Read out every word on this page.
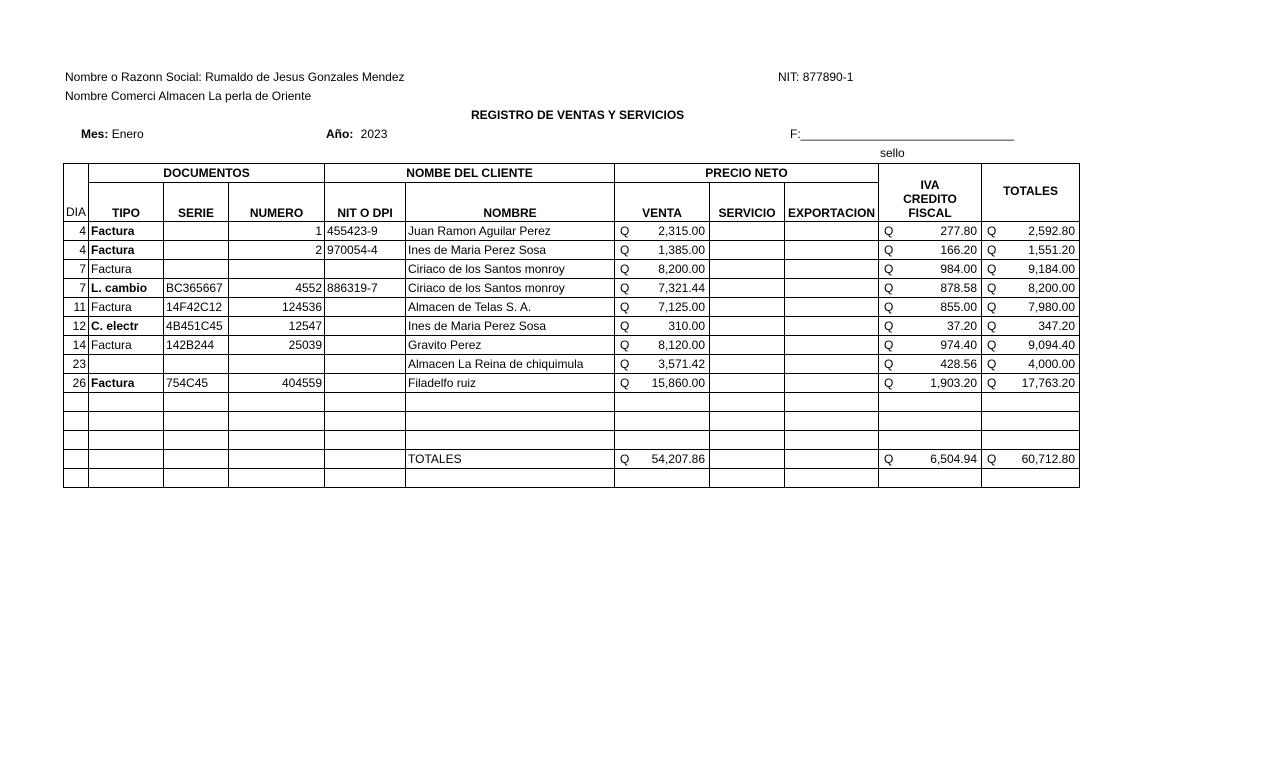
Nombre o Razonn Social: Rumaldo de Jesus Gonzales Mendez	NIT: 877890-1
Nombre Comerci Almacen La perla de Oriente
REGISTRO DE VENTAS Y SERVICIOS
Mes: Enero	Año: 2023	F:________________________________
sello
DIA	DOCUMENTOS			NOMBE DEL CLIENTE		PRECIO NETO			IVA CREDITO FISCAL	TOTALES
	TIPO	SERIE	NUMERO	NIT O DPI	NOMBRE	VENTA	SERVICIO	EXPORTACION		
4	Factura		1	455423-9	Juan Ramon Aguilar Perez	Q 2,315.00			Q 277.80	Q 2,592.80

4	Factura		2	970054-4	Ines de Maria Perez Sosa	Q 1,385.00			Q 166.20	Q 1,551.20

7	Factura				Ciriaco de los Santos monroy	Q 8,200.00			Q 984.00	Q 9,184.00

7	L. cambio	BC365667	4552	886319-7	Ciriaco de los Santos monroy	Q 7,321.44			Q 878.58	Q 8,200.00

11	Factura	14F42C12	124536		Almacen de Telas S. A.	Q 7,125.00			Q 855.00	Q 7,980.00

12	C. electr	4B451C45	12547		Ines de Maria Perez Sosa	Q 310.00			Q 37.20	Q 347.20

14	Factura	142B244	25039		Gravito Perez	Q 8,120.00			Q 974.40	Q 9,094.40

23					Almacen La Reina de chiquimula	Q 3,571.42			Q 428.56	Q 4,000.00

26	Factura	754C45	404559		Filadelfo ruiz	Q 15,860.00			Q 1,903.20	Q 17,763.20

					TOTALES	Q 54,207.86			Q 6,504.94	Q 60,712.80
